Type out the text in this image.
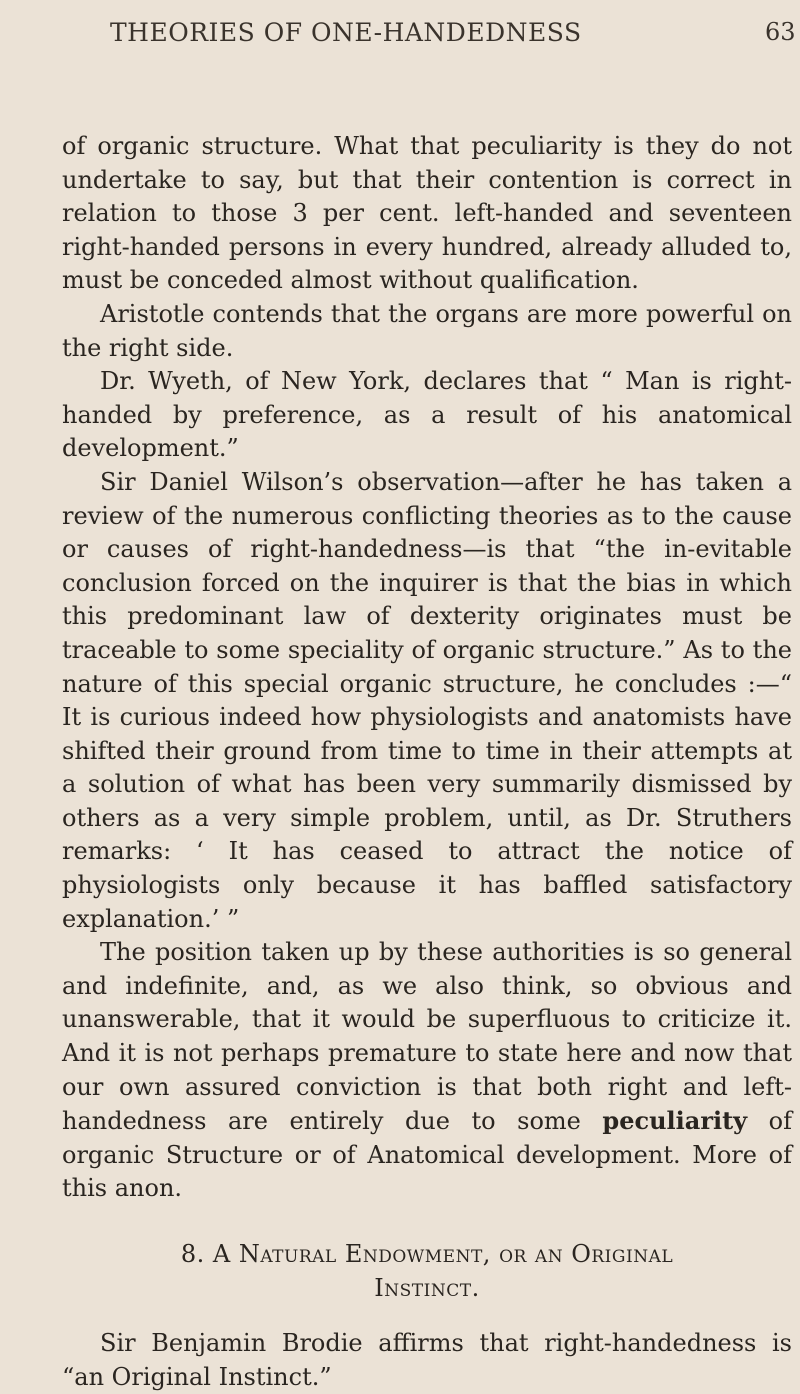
THEORIES OF ONE-HANDEDNESS	63

of organic structure. What that peculiarity is they do not undertake to say, but that their contention is correct in relation to those 3 per cent. left-handed and seventeen right-handed persons in every hundred, already alluded to, must be conceded almost without qualification.

Aristotle contends that the organs are more powerful on the right side.

Dr. Wyeth, of New York, declares that “ Man is right-handed by preference, as a result of his anatomical development.”

Sir Daniel Wilson’s observation—after he has taken a review of the numerous conflicting theories as to the cause or causes of right-handedness—is that “the in-evitable conclusion forced on the inquirer is that the bias in which this predominant law of dexterity originates must be traceable to some speciality of organic structure.” As to the nature of this special organic structure, he concludes :—“ It is curious indeed how physiologists and anatomists have shifted their ground from time to time in their attempts at a solution of what has been very summarily dismissed by others as a very simple problem, until, as Dr. Struthers remarks: ‘ It has ceased to attract the notice of physiologists only because it has baffled satisfactory explanation.’ ”

The position taken up by these authorities is so general and indefinite, and, as we also think, so obvious and unanswerable, that it would be superfluous to criticize it. And it is not perhaps premature to state here and now that our own assured conviction is that both right and left-handedness are entirely due to some peculiarity of organic Structure or of Anatomical development. More of this anon.

8. A Natural Endowment, or an Original
Instinct.

Sir Benjamin Brodie affirms that right-handedness is “an Original Instinct.”
